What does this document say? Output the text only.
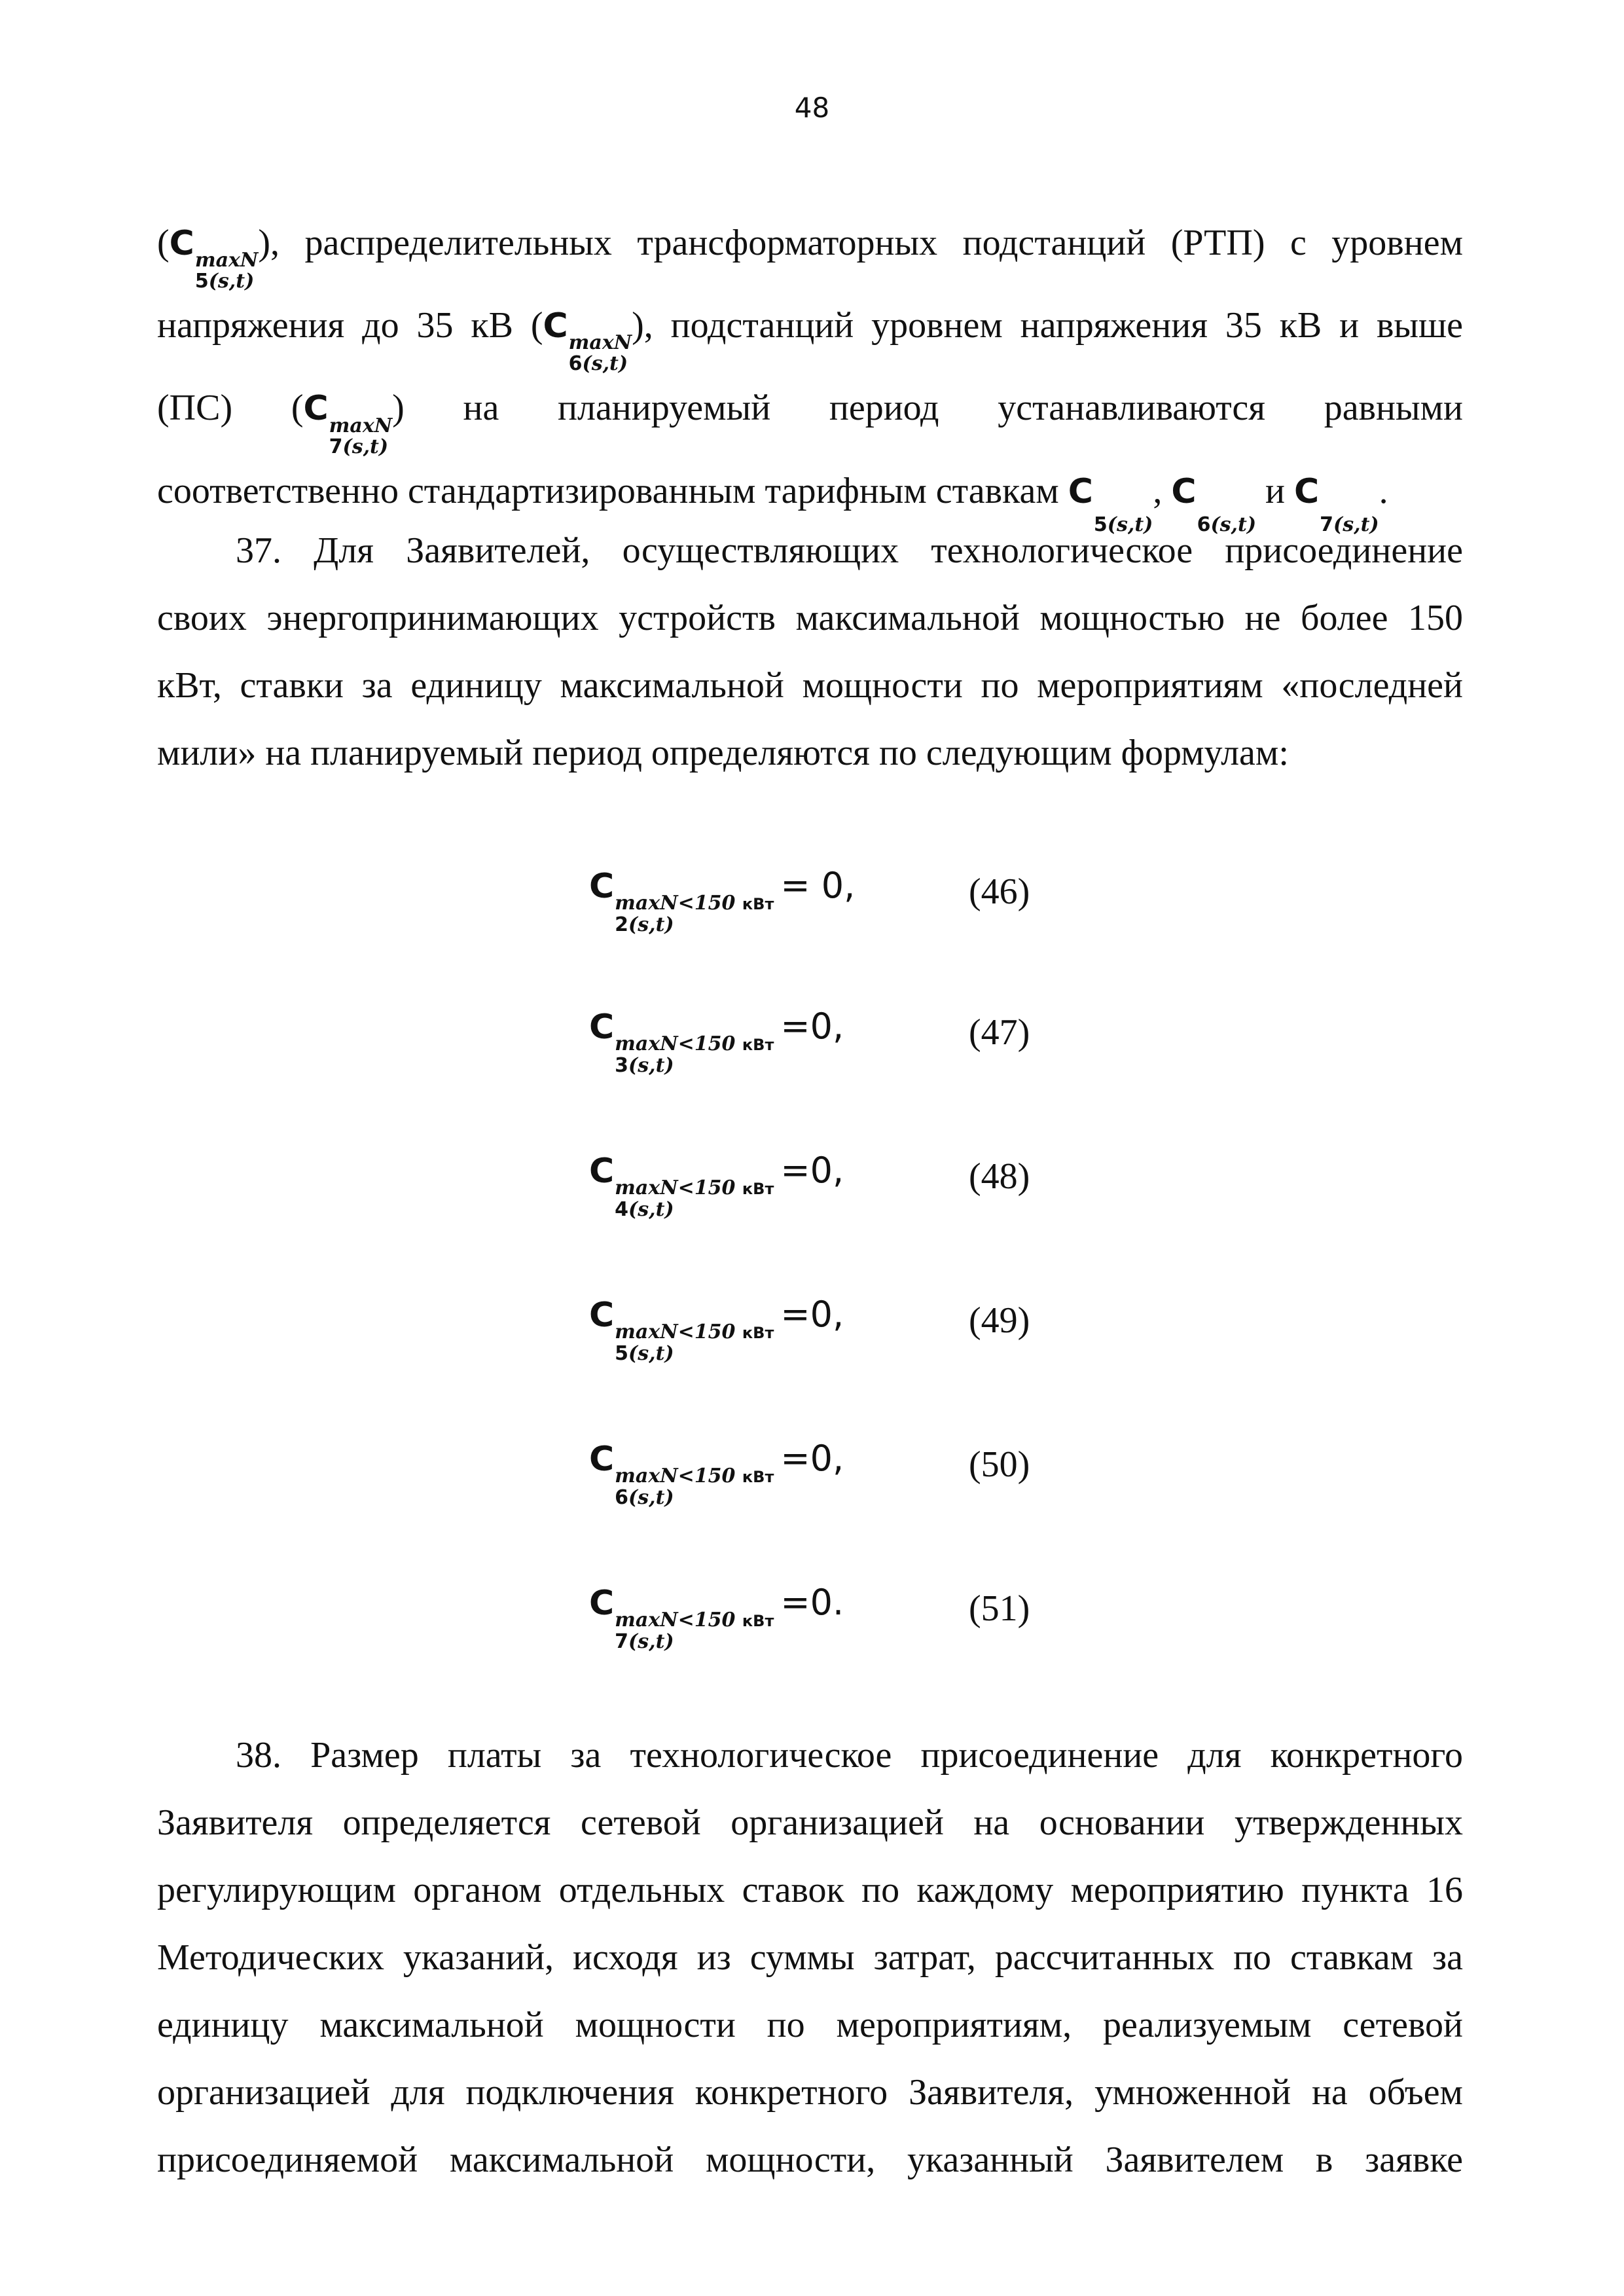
48
(C maxN
5(s,t)
), распределительных трансформаторных подстанций (РТП) с уровнем
напряжения до 35 кВ (C maxN
6(s,t)
), подстанций уровнем напряжения 35 кВ и выше
(ПС) (C maxN
7(s,t)
) на планируемый период устанавливаются равными
соответственно стандартизированным тарифным ставкам C
5(s,t)
, C
6(s,t)
и C
7(s,t)
.
37. Для Заявителей, осуществляющих технологическое присоединение
своих энергопринимающих устройств максимальной мощностью не более 150
кВт, ставки за единицу максимальной мощности по мероприятиям «последней
мили» на планируемый период определяются по следующим формулам:
C maxN<150 кВт
2(s,t)
= 0,	(46)
C maxN<150 кВт
3(s,t)
=0,	(47)
C maxN<150 кВт
4(s,t)
=0,	(48)
C maxN<150 кВт
5(s,t)
=0,	(49)
C maxN<150 кВт
6(s,t)
=0,	(50)
C maxN<150 кВт
7(s,t)
=0.	(51)
38. Размер платы за технологическое присоединение для конкретного
Заявителя определяется сетевой организацией на основании утвержденных
регулирующим органом отдельных ставок по каждому мероприятию пункта 16
Методических указаний, исходя из суммы затрат, рассчитанных по ставкам за
единицу максимальной мощности по мероприятиям, реализуемым сетевой
организацией для подключения конкретного Заявителя, умноженной на объем
присоединяемой максимальной мощности, указанный Заявителем в заявке
